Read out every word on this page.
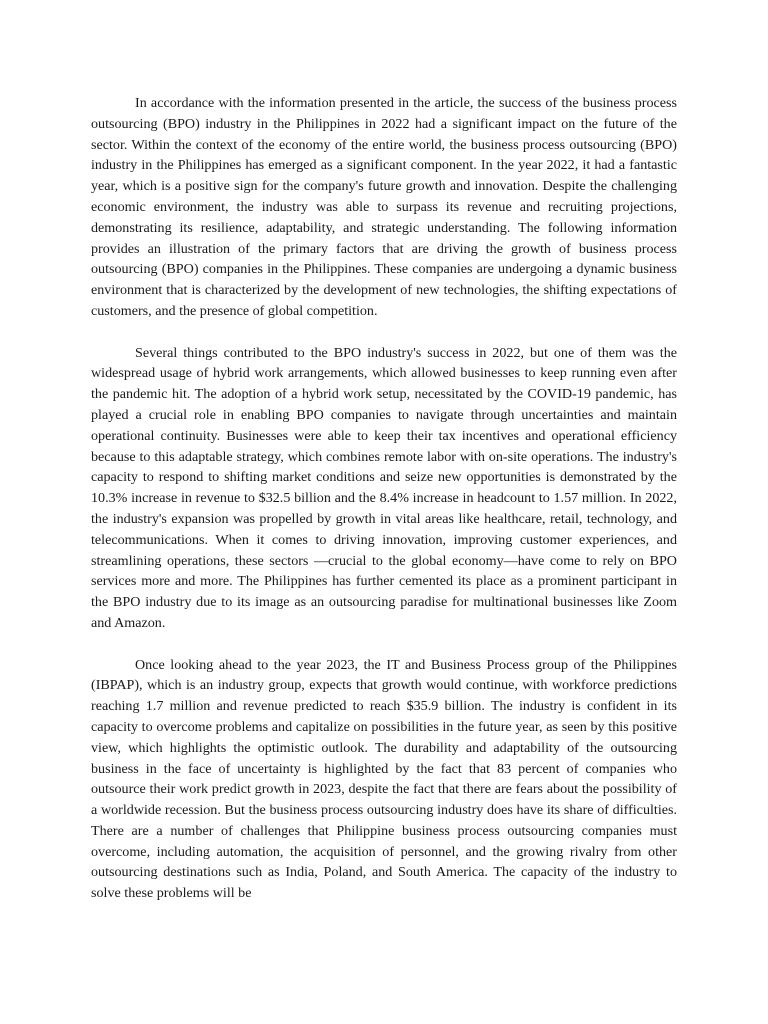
In accordance with the information presented in the article, the success of the business process outsourcing (BPO) industry in the Philippines in 2022 had a significant impact on the future of the sector. Within the context of the economy of the entire world, the business process outsourcing (BPO) industry in the Philippines has emerged as a significant component. In the year 2022, it had a fantastic year, which is a positive sign for the company's future growth and innovation. Despite the challenging economic environment, the industry was able to surpass its revenue and recruiting projections, demonstrating its resilience, adaptability, and strategic understanding. The following information provides an illustration of the primary factors that are driving the growth of business process outsourcing (BPO) companies in the Philippines. These companies are undergoing a dynamic business environment that is characterized by the development of new technologies, the shifting expectations of customers, and the presence of global competition.

Several things contributed to the BPO industry's success in 2022, but one of them was the widespread usage of hybrid work arrangements, which allowed businesses to keep running even after the pandemic hit. The adoption of a hybrid work setup, necessitated by the COVID-19 pandemic, has played a crucial role in enabling BPO companies to navigate through uncertainties and maintain operational continuity. Businesses were able to keep their tax incentives and operational efficiency because to this adaptable strategy, which combines remote labor with on-site operations. The industry's capacity to respond to shifting market conditions and seize new opportunities is demonstrated by the 10.3% increase in revenue to $32.5 billion and the 8.4% increase in headcount to 1.57 million. In 2022, the industry's expansion was propelled by growth in vital areas like healthcare, retail, technology, and telecommunications. When it comes to driving innovation, improving customer experiences, and streamlining operations, these sectors —crucial to the global economy—have come to rely on BPO services more and more. The Philippines has further cemented its place as a prominent participant in the BPO industry due to its image as an outsourcing paradise for multinational businesses like Zoom and Amazon.

Once looking ahead to the year 2023, the IT and Business Process group of the Philippines (IBPAP), which is an industry group, expects that growth would continue, with workforce predictions reaching 1.7 million and revenue predicted to reach $35.9 billion. The industry is confident in its capacity to overcome problems and capitalize on possibilities in the future year, as seen by this positive view, which highlights the optimistic outlook. The durability and adaptability of the outsourcing business in the face of uncertainty is highlighted by the fact that 83 percent of companies who outsource their work predict growth in 2023, despite the fact that there are fears about the possibility of a worldwide recession. But the business process outsourcing industry does have its share of difficulties. There are a number of challenges that Philippine business process outsourcing companies must overcome, including automation, the acquisition of personnel, and the growing rivalry from other outsourcing destinations such as India, Poland, and South America. The capacity of the industry to solve these problems will be
